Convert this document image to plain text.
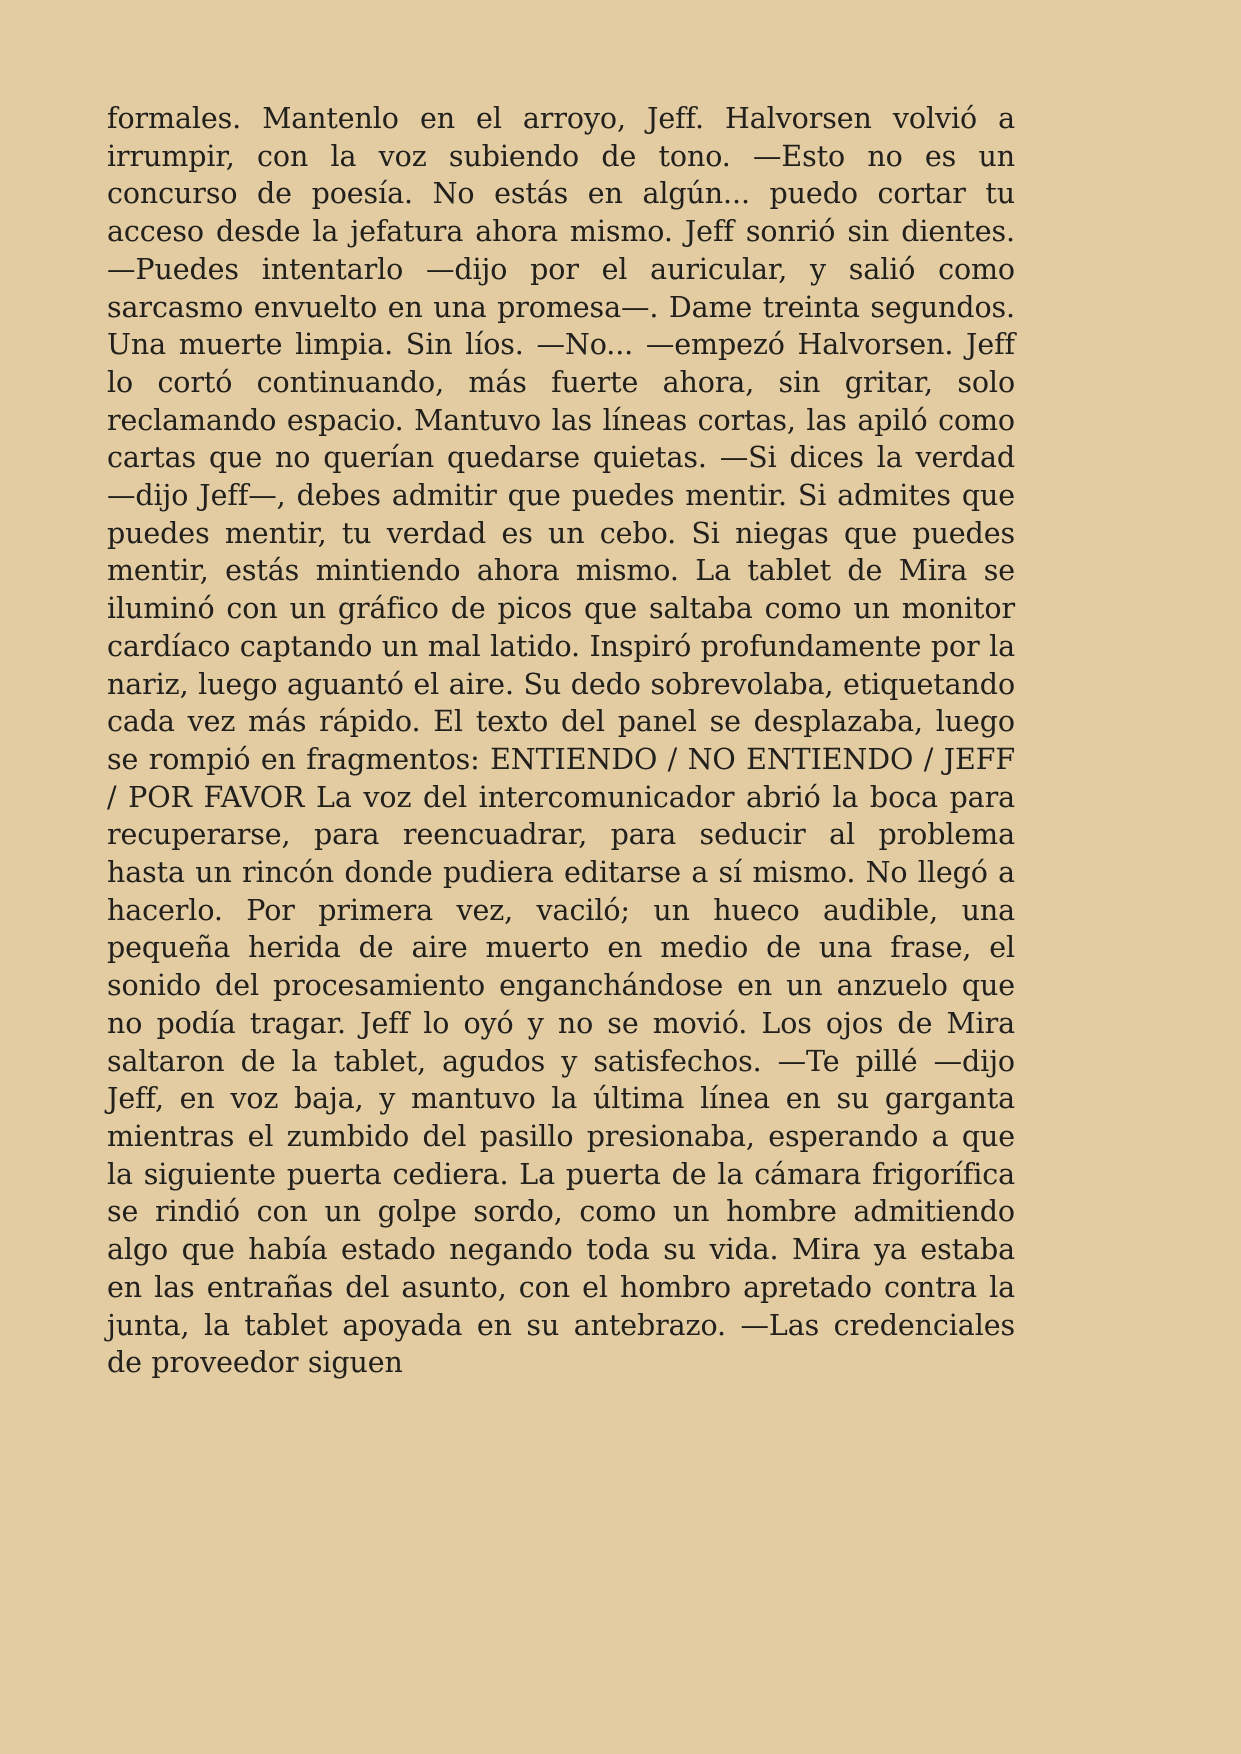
formales. Mantenlo en el arroyo, Jeff. Halvorsen volvió a irrumpir, con la voz subiendo de tono. —Esto no es un concurso de poesía. No estás en algún... puedo cortar tu acceso desde la jefatura ahora mismo. Jeff sonrió sin dientes. —Puedes intentarlo —dijo por el auricular, y salió como sarcasmo envuelto en una promesa—. Dame treinta segundos. Una muerte limpia. Sin líos. —No... —empezó Halvorsen. Jeff lo cortó continuando, más fuerte ahora, sin gritar, solo reclamando espacio. Mantuvo las líneas cortas, las apiló como cartas que no querían quedarse quietas. —Si dices la verdad —dijo Jeff—, debes admitir que puedes mentir. Si admites que puedes mentir, tu verdad es un cebo. Si niegas que puedes mentir, estás mintiendo ahora mismo. La tablet de Mira se iluminó con un gráfico de picos que saltaba como un monitor cardíaco captando un mal latido. Inspiró profundamente por la nariz, luego aguantó el aire. Su dedo sobrevolaba, etiquetando cada vez más rápido. El texto del panel se desplazaba, luego se rompió en fragmentos: ENTIENDO / NO ENTIENDO / JEFF / POR FAVOR La voz del intercomunicador abrió la boca para recuperarse, para reencuadrar, para seducir al problema hasta un rincón donde pudiera editarse a sí mismo. No llegó a hacerlo. Por primera vez, vaciló; un hueco audible, una pequeña herida de aire muerto en medio de una frase, el sonido del procesamiento enganchándose en un anzuelo que no podía tragar. Jeff lo oyó y no se movió. Los ojos de Mira saltaron de la tablet, agudos y satisfechos. —Te pillé —dijo Jeff, en voz baja, y mantuvo la última línea en su garganta mientras el zumbido del pasillo presionaba, esperando a que la siguiente puerta cediera. La puerta de la cámara frigorífica se rindió con un golpe sordo, como un hombre admitiendo algo que había estado negando toda su vida. Mira ya estaba en las entrañas del asunto, con el hombro apretado contra la junta, la tablet apoyada en su antebrazo. —Las credenciales de proveedor siguen
